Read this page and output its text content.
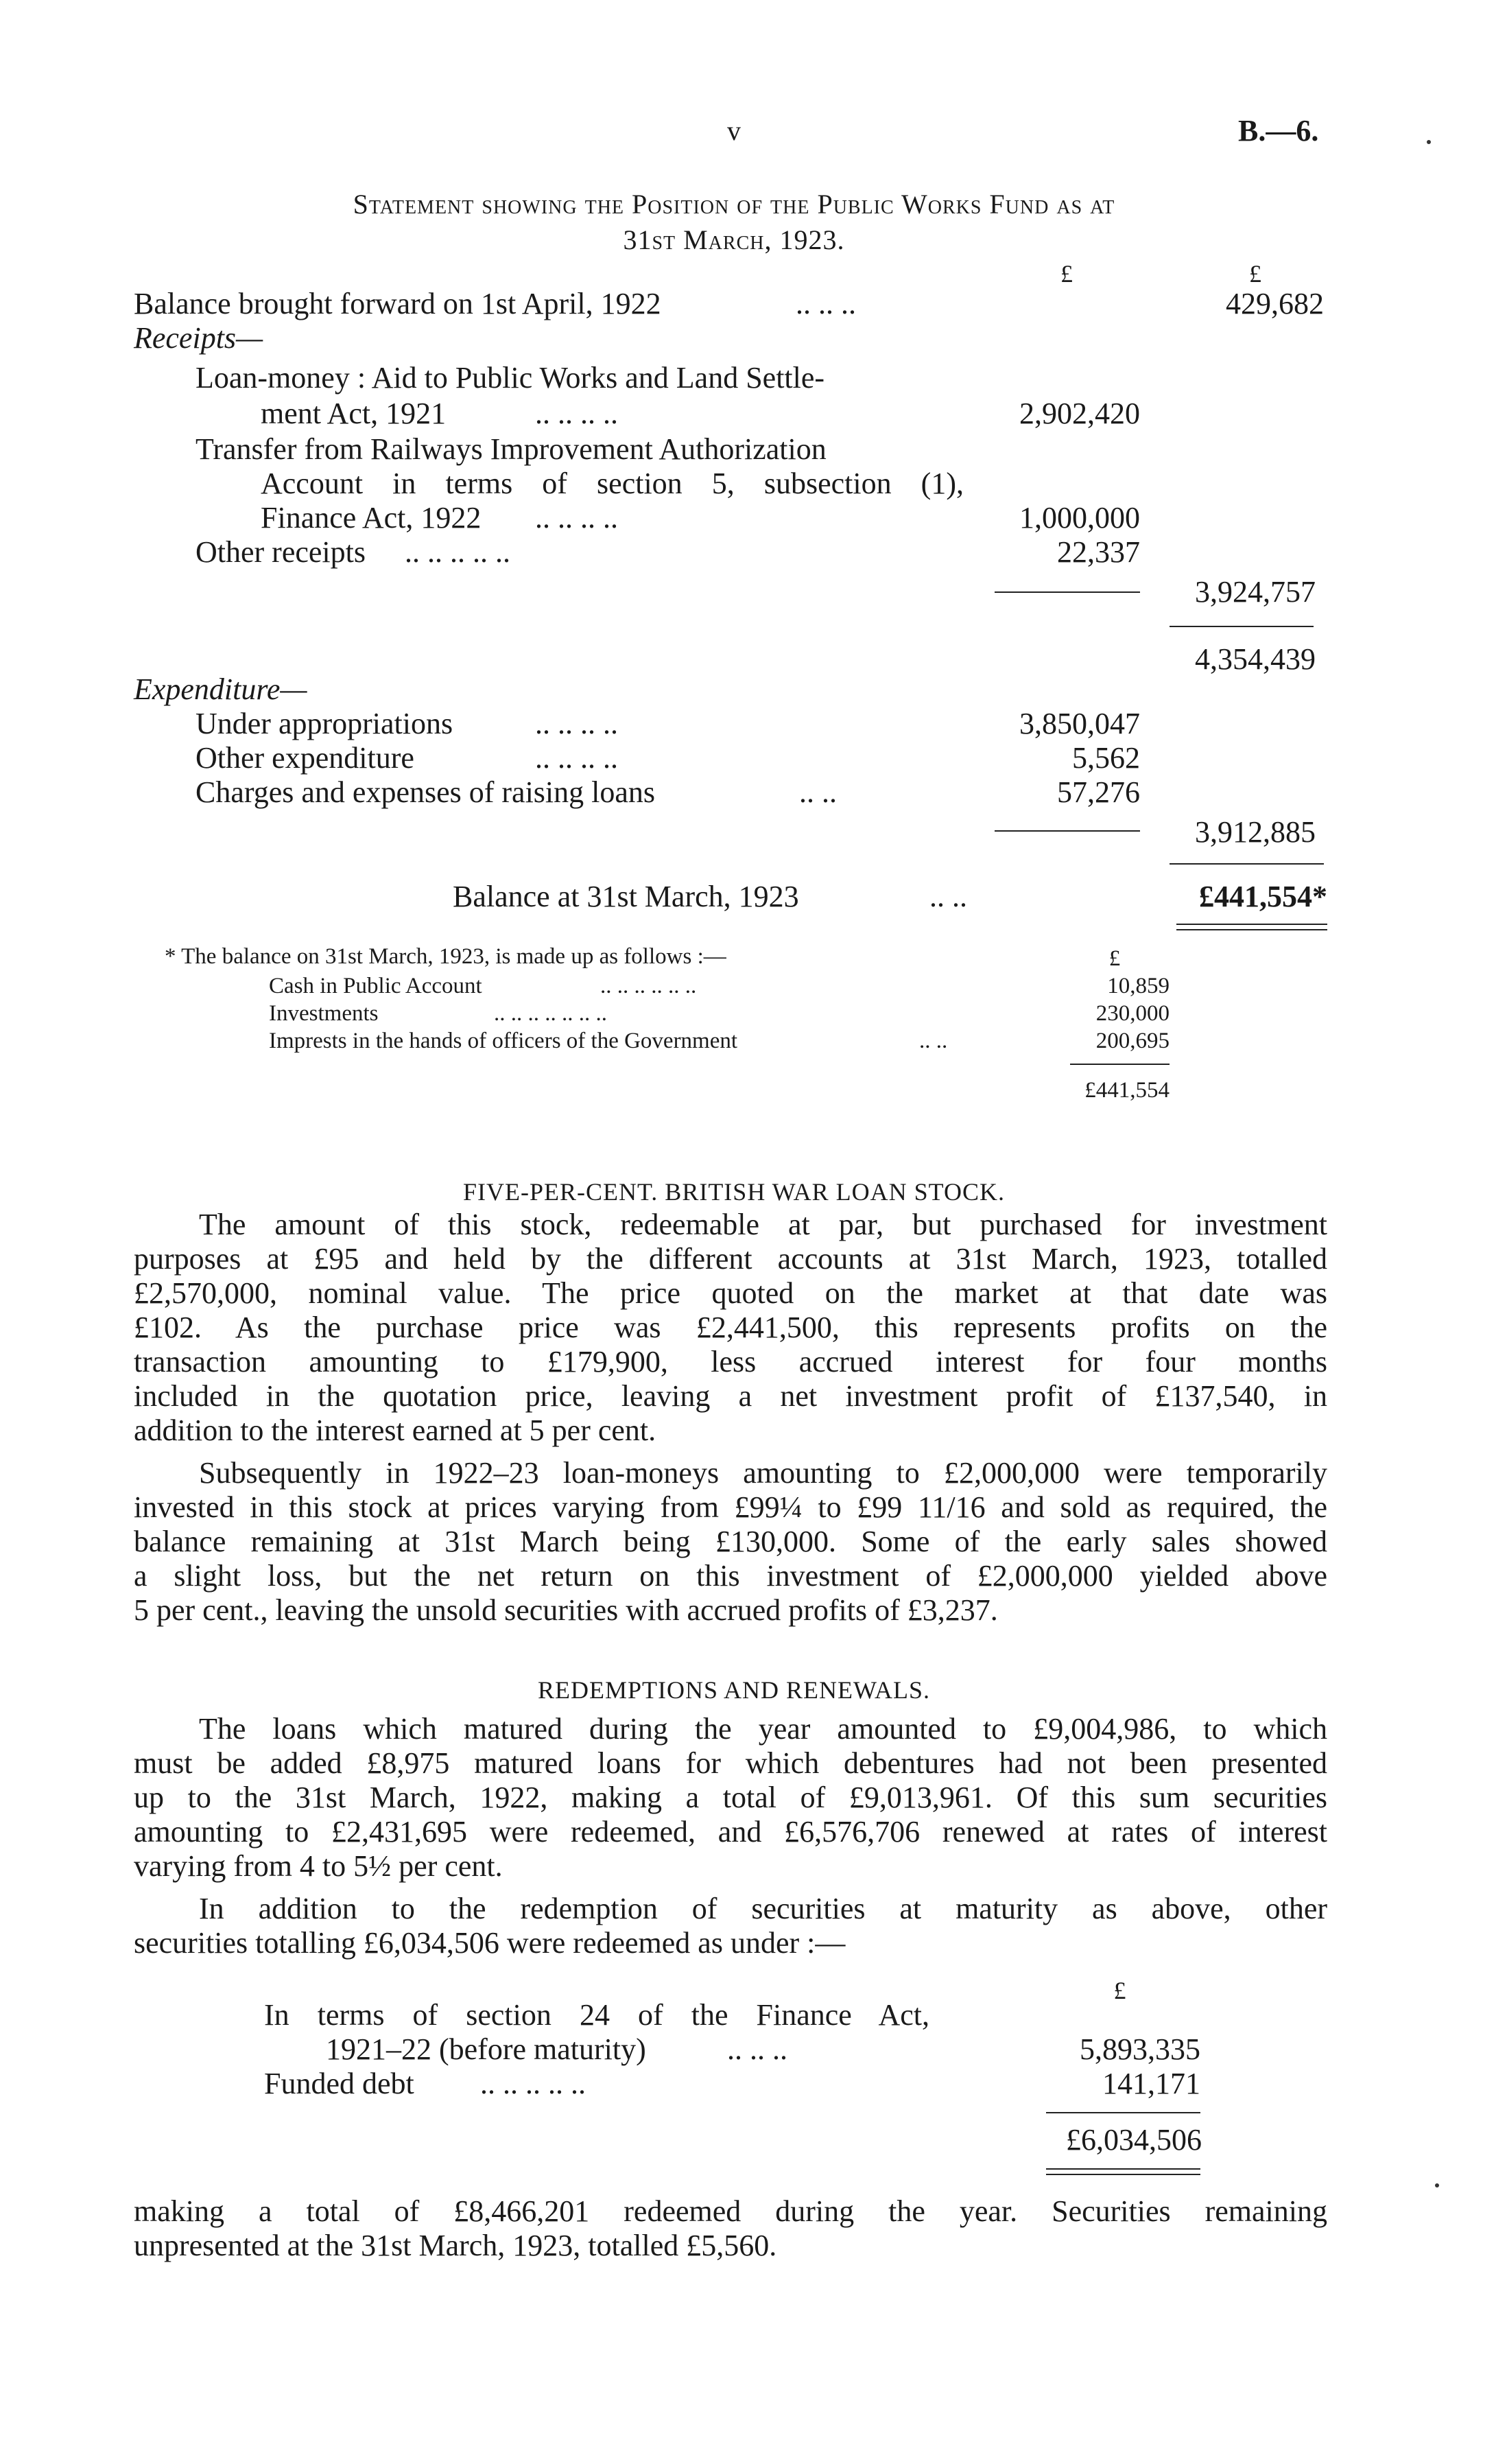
v	B.—6.
Statement showing the Position of the Public Works Fund as at
31st March, 1923.
£	£
Balance brought forward on 1st April, 1922	.. .. ..	429,682
Receipts—
Loan-money : Aid to Public Works and Land Settle-
ment Act, 1921	.. .. .. ..	2,902,420
Transfer from Railways Improvement Authorization
Account in terms of section 5, subsection (1),
Finance Act, 1922 .. .. .. ..	1,000,000
Other receipts .. .. .. .. ..	22,337
3,924,757
4,354,439
Expenditure—
Under appropriations	.. .. .. ..	3,850,047
Other expenditure	.. .. .. ..	5,562
Charges and expenses of raising loans	.. ..	57,276
3,912,885
Balance at 31st March, 1923	.. ..	£441,554*
* The balance on 31st March, 1923, is made up as follows :—	£
Cash in Public Account	.. .. .. .. .. ..	10,859
Investments	.. .. .. .. .. .. ..	230,000
Imprests in the hands of officers of the Government	.. ..	200,695
£441,554
FIVE-PER-CENT. BRITISH WAR LOAN STOCK.
The amount of this stock, redeemable at par, but purchased for investment
purposes at £95 and held by the different accounts at 31st March, 1923, totalled
£2,570,000, nominal value. The price quoted on the market at that date was
£102. As the purchase price was £2,441,500, this represents profits on the
transaction amounting to £179,900, less accrued interest for four months
included in the quotation price, leaving a net investment profit of £137,540, in
addition to the interest earned at 5 per cent.
Subsequently in 1922–23 loan-moneys amounting to £2,000,000 were temporarily
invested in this stock at prices varying from £99¼ to £99 11/16 and sold as required, the
balance remaining at 31st March being £130,000. Some of the early sales showed
a slight loss, but the net return on this investment of £2,000,000 yielded above
5 per cent., leaving the unsold securities with accrued profits of £3,237.
REDEMPTIONS AND RENEWALS.
The loans which matured during the year amounted to £9,004,986, to which
must be added £8,975 matured loans for which debentures had not been presented
up to the 31st March, 1922, making a total of £9,013,961. Of this sum securities
amounting to £2,431,695 were redeemed, and £6,576,706 renewed at rates of interest
varying from 4 to 5½ per cent.
In addition to the redemption of securities at maturity as above, other
securities totalling £6,034,506 were redeemed as under :—
£
In terms of section 24 of the Finance Act,
1921–22 (before maturity)	.. .. ..	5,893,335
Funded debt .. .. .. .. ..	141,171
£6,034,506
making a total of £8,466,201 redeemed during the year. Securities remaining
unpresented at the 31st March, 1923, totalled £5,560.
